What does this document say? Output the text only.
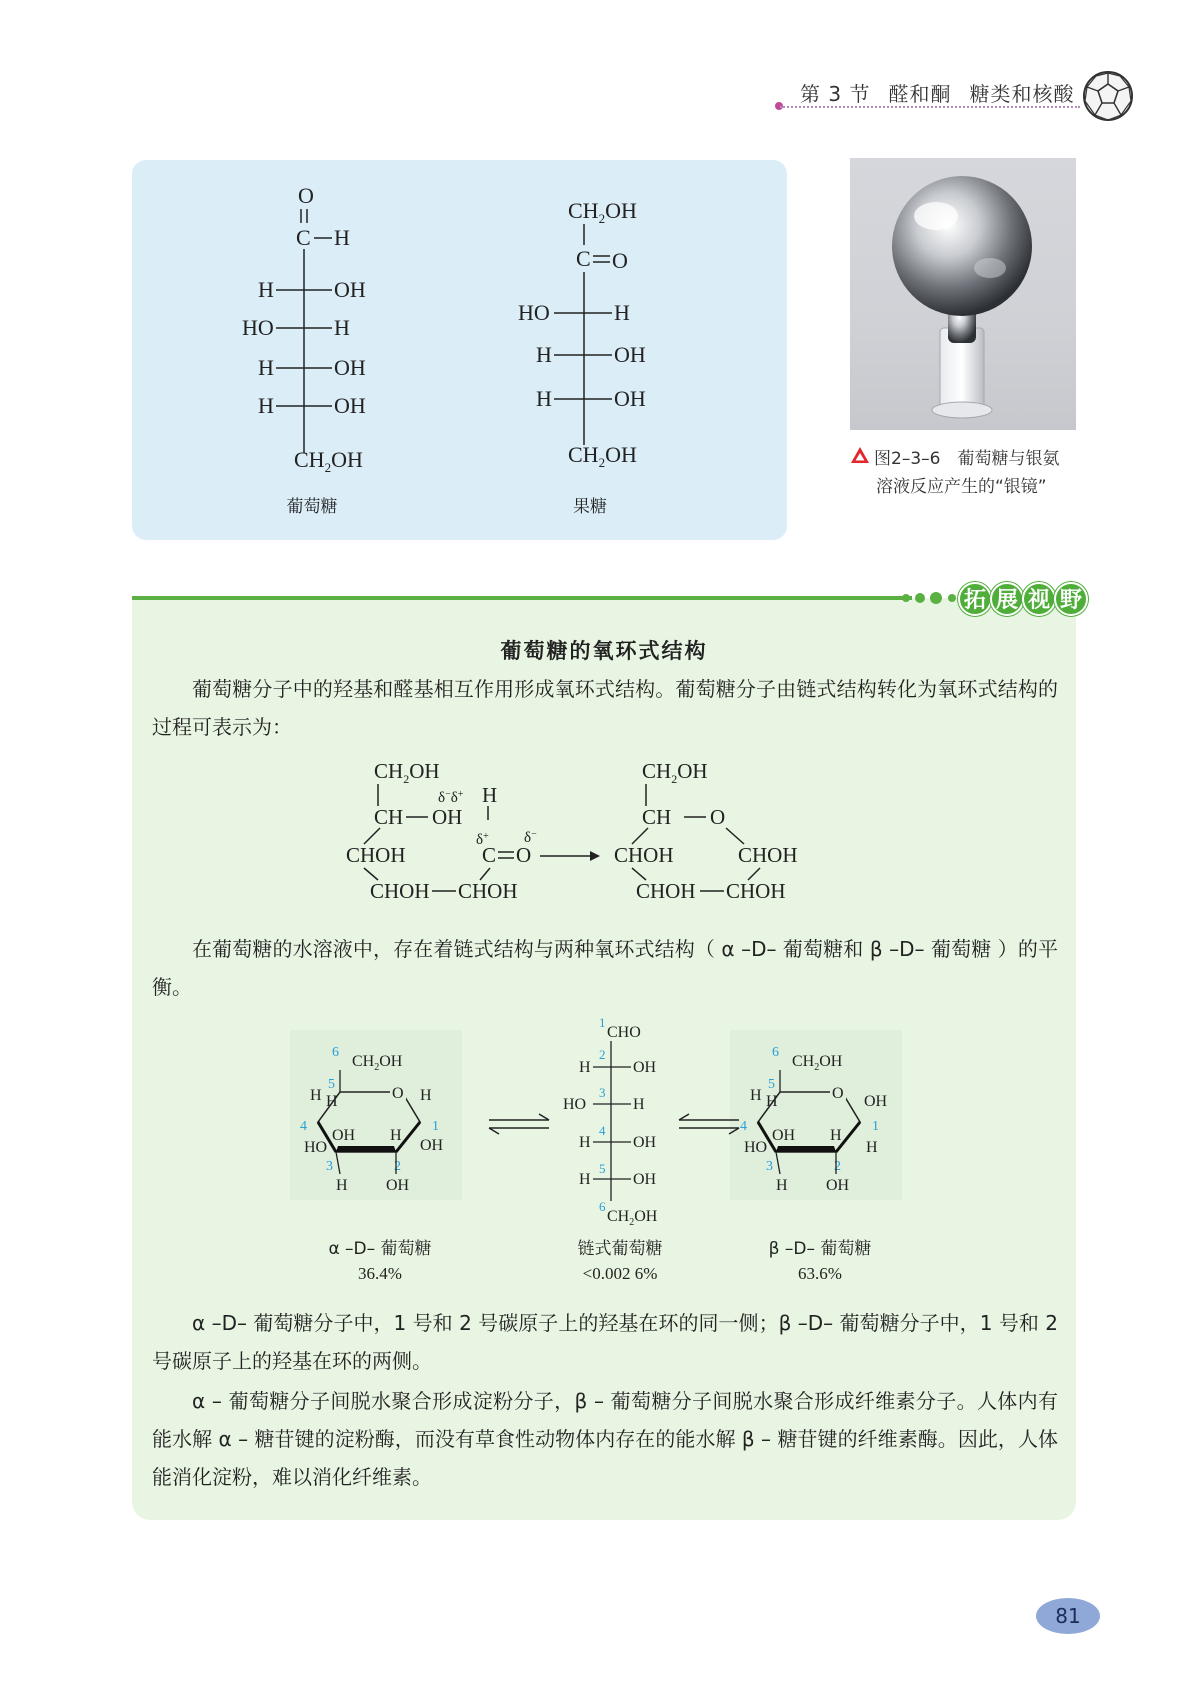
第 3 节 醛和酮 糖类和核酸
O
C H
H	OH
HO	H
H	OH
H	OH
$CH_2OH$
葡萄糖
$CH_2OH$
C O
HO	H
H	OH
H	OH
$CH_2OH$
果糖
图2–3–6　葡萄糖与银氨
溶液反应产生的“银镜”
拓 展 视 野
葡萄糖的氧环式结构
葡萄糖分子中的羟基和醛基相互作用形成氧环式结构。葡萄糖分子由链式结构转化为氧环式结构的过程可表示为：
$CH_2OH$
CH OH
δ−δ+ H
δ+
C O
δ−
CHOH
CHOH CHOH
$CH_2OH$
CH O
CHOH	CHOH
CHOH CHOH
在葡萄糖的水溶液中，存在着链式结构与两种氧环式结构（ α –D– 葡萄糖和 β –D– 葡萄糖 ）的平衡。
O
$CH_2OH$
6
5
H
H
4
HO
OH
3
H
H
2
OH
1
H
OH
1
CHO
2
H	OH
3
HO	H
4
H	OH
5
H	OH
6
$CH_2OH$
O
$CH_2OH$
6
5
H
H
4
HO
OH
3
H
H
2
OH
1
OH
H
α –D– 葡萄糖
36.4%
链式葡萄糖
<0.002 6%
β –D– 葡萄糖
63.6%
α –D– 葡萄糖分子中，1 号和 2 号碳原子上的羟基在环的同一侧；β –D– 葡萄糖分子中，1 号和 2 号碳原子上的羟基在环的两侧。
α – 葡萄糖分子间脱水聚合形成淀粉分子，β – 葡萄糖分子间脱水聚合形成纤维素分子。人体内有能水解 α – 糖苷键的淀粉酶，而没有草食性动物体内存在的能水解 β – 糖苷键的纤维素酶。因此，人体能消化淀粉，难以消化纤维素。
81
